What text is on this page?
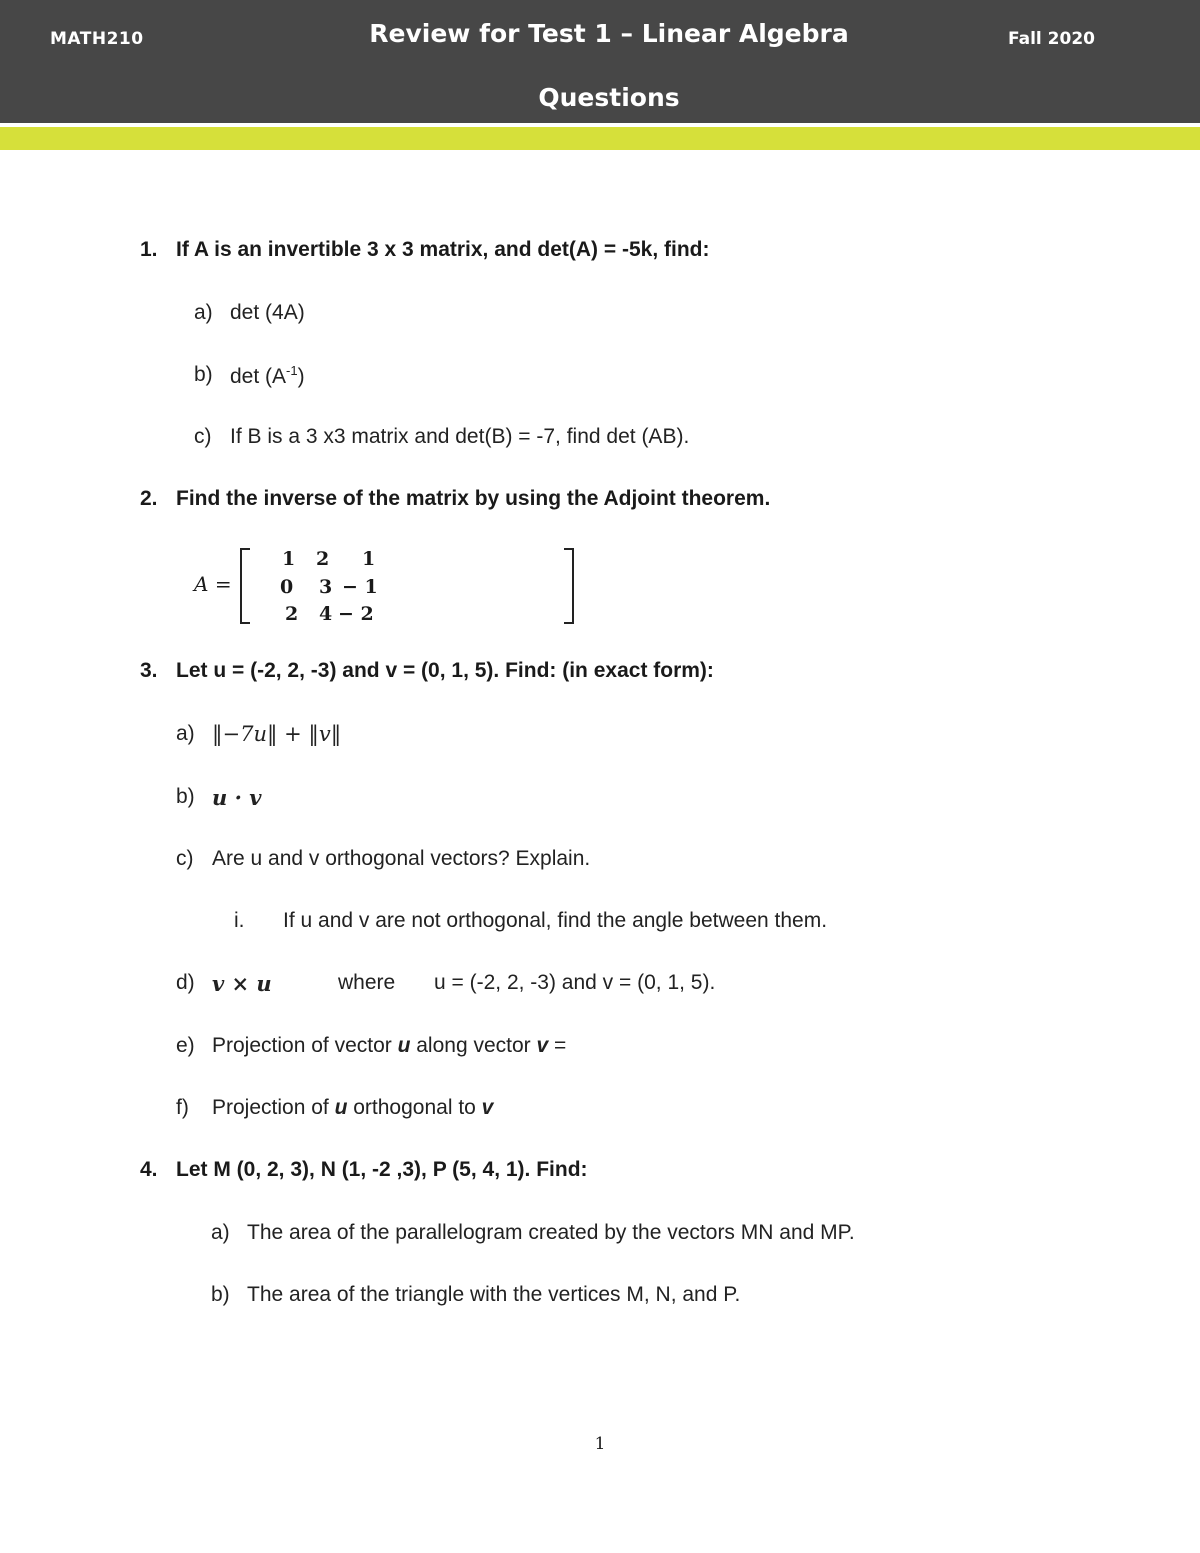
MATH210	Review for Test 1 – Linear Algebra	Fall 2020
Questions
1. If A is an invertible 3 x 3 matrix, and det(A) = -5k, find:
a) det (4A)
b) $\det (A^{-1})$
c) If B is a 3 x3 matrix and det(B) = -7, find det (AB).
2. Find the inverse of the matrix by using the Adjoint theorem.
A =
1 2 1
0 3 − 1
2 4 − 2
3. Let u = (-2, 2, -3) and v = (0, 1, 5). Find: (in exact form):
a) ‖−7u‖ + ‖v‖
b) u · v
c) Are u and v orthogonal vectors? Explain.
i. If u and v are not orthogonal, find the angle between them.
d) v × u	where u = (-2, 2, -3) and v = (0, 1, 5).
e) Projection of vector u along vector v =
f) Projection of u orthogonal to v
4. Let M (0, 2, 3), N (1, -2 ,3), P (5, 4, 1). Find:
a) The area of the parallelogram created by the vectors MN and MP.
b) The area of the triangle with the vertices M, N, and P.
1
